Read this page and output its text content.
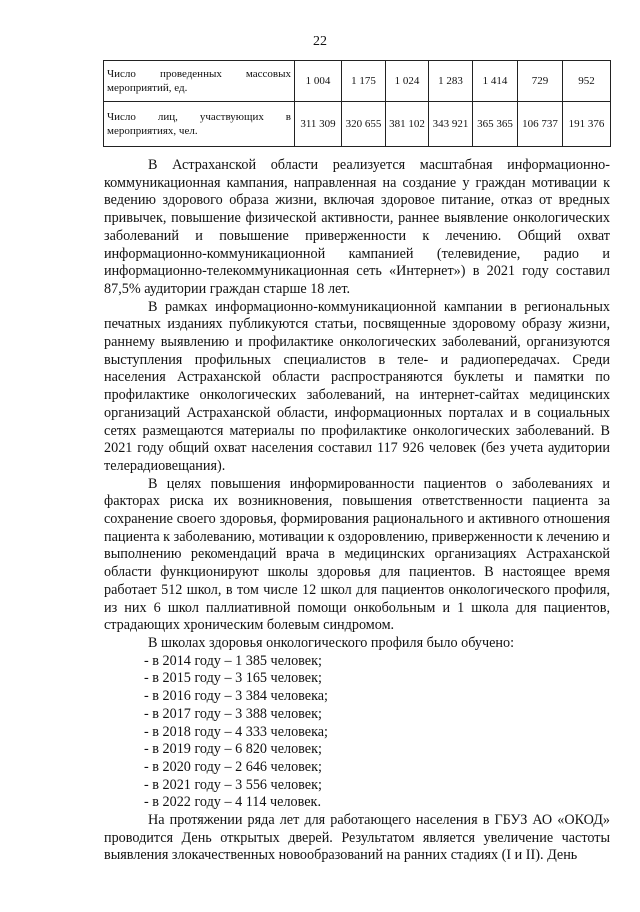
22
Число проведенных массовых мероприятий, ед.	1 004	1 175	1 024	1 283	1 414	729	952
Число лиц, участвующих в мероприятиях, чел.	311 309	320 655	381 102	343 921	365 365	106 737	191 376

В Астраханской области реализуется масштабная информационно-коммуникационная кампания, направленная на создание у граждан мотивации к ведению здорового образа жизни, включая здоровое питание, отказ от вредных привычек, повышение физической активности, раннее выявление онкологических заболеваний и повышение приверженности к лечению. Общий охват информационно-коммуникационной кампанией (телевидение, радио и информационно-телекоммуникационная сеть «Интернет») в 2021 году составил 87,5% аудитории граждан старше 18 лет.

В рамках информационно-коммуникационной кампании в региональных печатных изданиях публикуются статьи, посвященные здоровому образу жизни, раннему выявлению и профилактике онкологических заболеваний, организуются выступления профильных специалистов в теле- и радиопередачах. Среди населения Астраханской области распространяются буклеты и памятки по профилактике онкологических заболеваний, на интернет-сайтах медицинских организаций Астраханской области, информационных порталах и в социальных сетях размещаются материалы по профилактике онкологических заболеваний. В 2021 году общий охват населения составил 117 926 человек (без учета аудитории телерадиовещания).

В целях повышения информированности пациентов о заболеваниях и факторах риска их возникновения, повышения ответственности пациента за сохранение своего здоровья, формирования рационального и активного отношения пациента к заболеванию, мотивации к оздоровлению, приверженности к лечению и выполнению рекомендаций врача в медицинских организациях Астраханской области функционируют школы здоровья для пациентов. В настоящее время работает 512 школ, в том числе 12 школ для пациентов онкологического профиля, из них 6 школ паллиативной помощи онкобольным и 1 школа для пациентов, страдающих хроническим болевым синдромом.

В школах здоровья онкологического профиля было обучено:

- в 2014 году – 1 385 человек;
- в 2015 году – 3 165 человек;
- в 2016 году – 3 384 человека;
- в 2017 году – 3 388 человек;
- в 2018 году – 4 333 человека;
- в 2019 году – 6 820 человек;
- в 2020 году – 2 646 человек;
- в 2021 году – 3 556 человек;
- в 2022 году – 4 114 человек.

На протяжении ряда лет для работающего населения в ГБУЗ АО «ОКОД» проводится День открытых дверей. Результатом является увеличение частоты выявления злокачественных новообразований на ранних стадиях (I и II). День
